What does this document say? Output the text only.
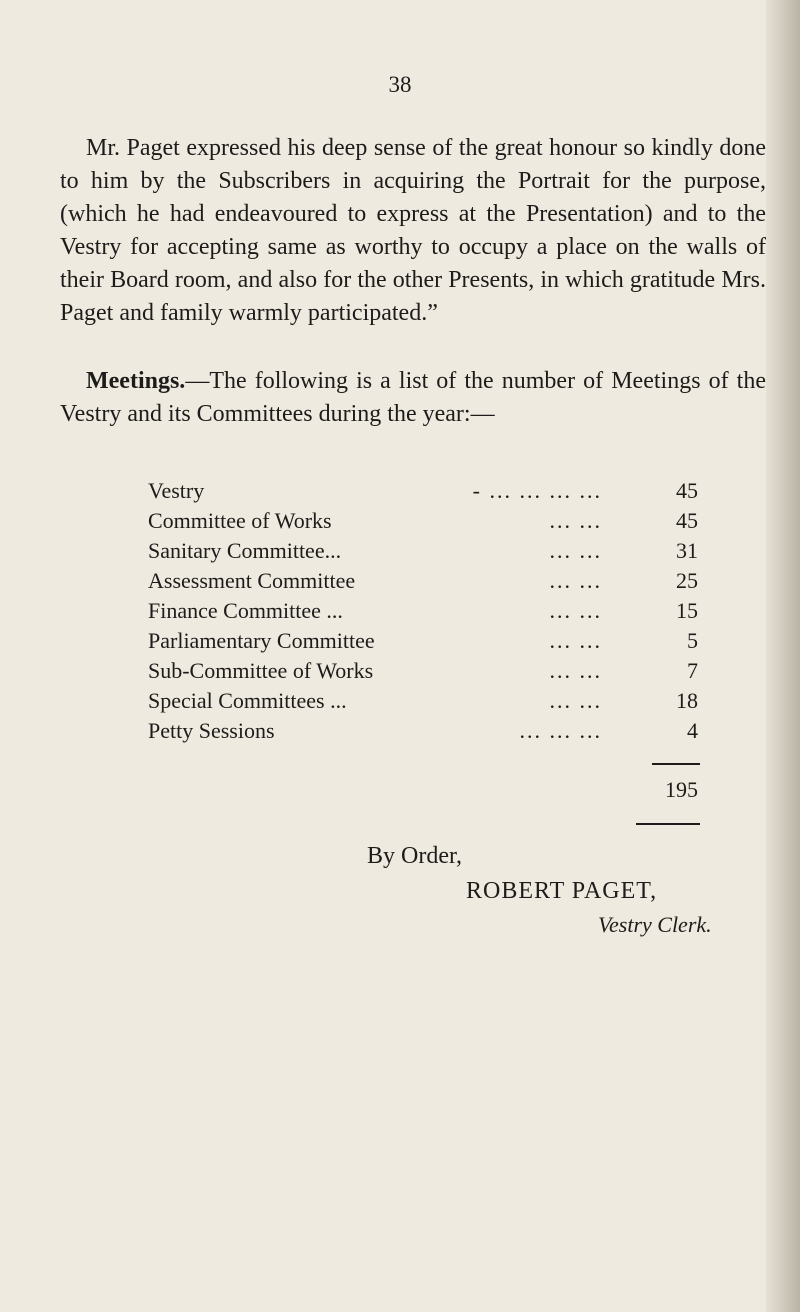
38

Mr. Paget expressed his deep sense of the great honour so kindly done to him by the Subscribers in acquiring the Portrait for the purpose, (which he had endeavoured to express at the Presentation) and to the Vestry for accepting same as worthy to occupy a place on the walls of their Board room, and also for the other Presents, in which gratitude Mrs. Paget and family warmly participated.”

Meetings.—The following is a list of the number of Meetings of the Vestry and its Committees during the year:—

Vestry	- ... ... ... ...	45
Committee of Works	... ...	45
Sanitary Committee...	... ...	31
Assessment Committee	... ...	25
Finance Committee ...	... ...	15
Parliamentary Committee	... ...	5
Sub-Committee of Works	... ...	7
Special Committees ...	... ...	18
Petty Sessions	... ... ...	4
195
By Order,
ROBERT PAGET,
Vestry Clerk.
